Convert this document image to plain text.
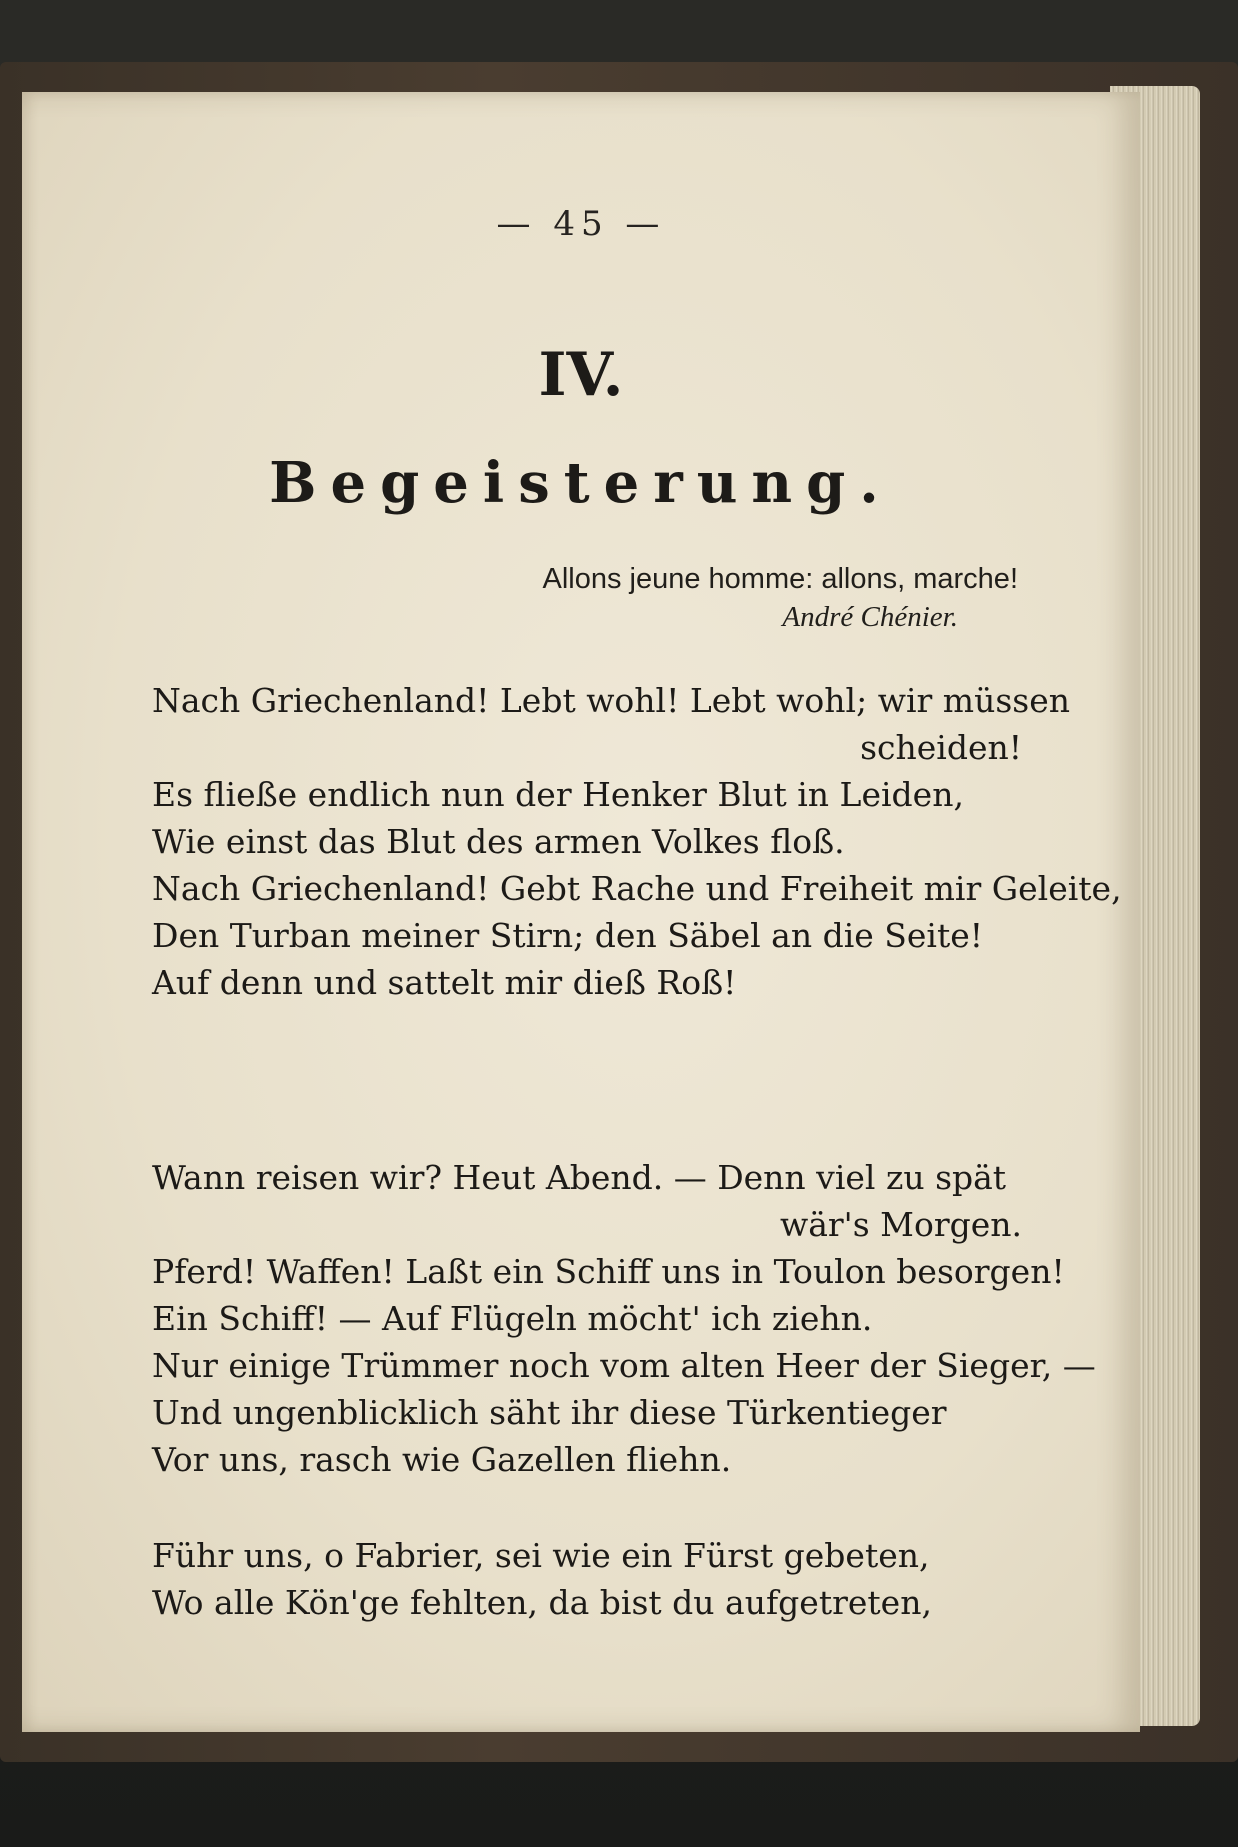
— 45 —
IV.
Begeisterung.
Allons jeune homme: allons, marche!
André Chénier.
Nach Griechenland! Lebt wohl! Lebt wohl; wir müssen
scheiden!
Es fließe endlich nun der Henker Blut in Leiden,
Wie einst das Blut des armen Volkes floß.
Nach Griechenland! Gebt Rache und Freiheit mir Geleite,
Den Turban meiner Stirn; den Säbel an die Seite!
Auf denn und sattelt mir dieß Roß!
Wann reisen wir? Heut Abend. — Denn viel zu spät
wär's Morgen.
Pferd! Waffen! Laßt ein Schiff uns in Toulon besorgen!
Ein Schiff! — Auf Flügeln möcht' ich ziehn.
Nur einige Trümmer noch vom alten Heer der Sieger, —
Und ungenblicklich säht ihr diese Türkentieger
Vor uns, rasch wie Gazellen fliehn.
Führ uns, o Fabrier, sei wie ein Fürst gebeten,
Wo alle Kön'ge fehlten, da bist du aufgetreten,
